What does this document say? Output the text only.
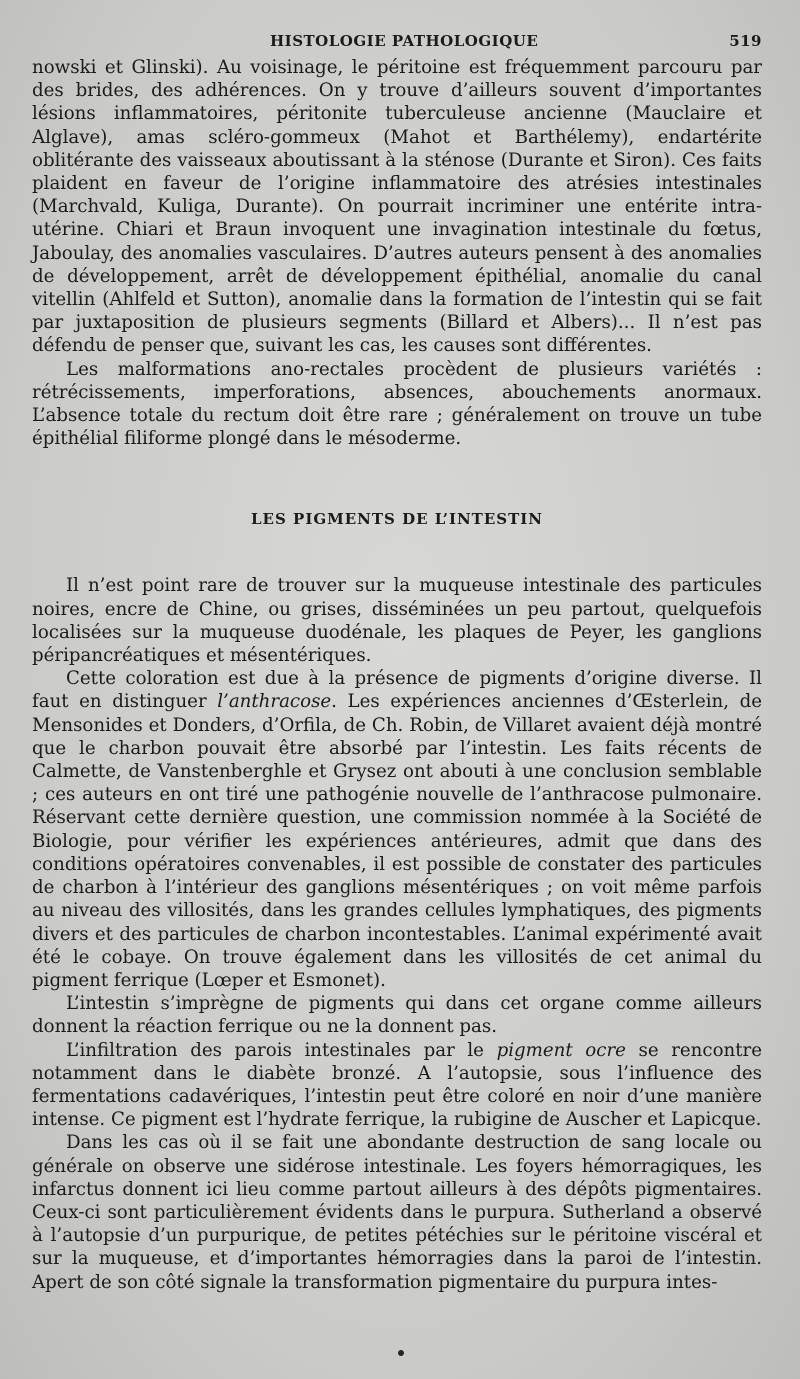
HISTOLOGIE PATHOLOGIQUE	519

nowski et Glinski). Au voisinage, le péritoine est fréquemment parcouru par des brides, des adhérences. On y trouve d’ailleurs souvent d’importantes lésions inflammatoires, péritonite tuberculeuse ancienne (Mauclaire et Alglave), amas scléro-gommeux (Mahot et Barthélemy), endartérite oblitérante des vaisseaux aboutissant à la sténose (Durante et Siron). Ces faits plaident en faveur de l’origine inflammatoire des atrésies intestinales (Marchvald, Kuliga, Durante). On pourrait incriminer une entérite intra-utérine. Chiari et Braun invoquent une invagination intestinale du fœtus, Jaboulay, des anomalies vasculaires. D’autres auteurs pensent à des anomalies de développement, arrêt de développement épithélial, anomalie du canal vitellin (Ahlfeld et Sutton), anomalie dans la formation de l’intestin qui se fait par juxtaposition de plusieurs segments (Billard et Albers)... Il n’est pas défendu de penser que, suivant les cas, les causes sont différentes.

Les malformations ano-rectales procèdent de plusieurs variétés : rétrécissements, imperforations, absences, abouchements anormaux. L’absence totale du rectum doit être rare ; généralement on trouve un tube épithélial filiforme plongé dans le mésoderme.

LES PIGMENTS DE L’INTESTIN

Il n’est point rare de trouver sur la muqueuse intestinale des particules noires, encre de Chine, ou grises, disséminées un peu partout, quelquefois localisées sur la muqueuse duodénale, les plaques de Peyer, les ganglions péripancréatiques et mésentériques.

Cette coloration est due à la présence de pigments d’origine diverse. Il faut en distinguer l’anthracose. Les expériences anciennes d’Œsterlein, de Mensonides et Donders, d’Orfila, de Ch. Robin, de Villaret avaient déjà montré que le charbon pouvait être absorbé par l’intestin. Les faits récents de Calmette, de Vanstenberghle et Grysez ont abouti à une conclusion semblable ; ces auteurs en ont tiré une pathogénie nouvelle de l’anthracose pulmonaire. Réservant cette dernière question, une commission nommée à la Société de Biologie, pour vérifier les expériences antérieures, admit que dans des conditions opératoires convenables, il est possible de constater des particules de charbon à l’intérieur des ganglions mésentériques ; on voit même parfois au niveau des villosités, dans les grandes cellules lymphatiques, des pigments divers et des particules de charbon incontestables. L’animal expérimenté avait été le cobaye. On trouve également dans les villosités de cet animal du pigment ferrique (Lœper et Esmonet).

L’intestin s’imprègne de pigments qui dans cet organe comme ailleurs donnent la réaction ferrique ou ne la donnent pas.

L’infiltration des parois intestinales par le pigment ocre se rencontre notamment dans le diabète bronzé. A l’autopsie, sous l’influence des fermentations cadavériques, l’intestin peut être coloré en noir d’une manière intense. Ce pigment est l’hydrate ferrique, la rubigine de Auscher et Lapicque.

Dans les cas où il se fait une abondante destruction de sang locale ou générale on observe une sidérose intestinale. Les foyers hémorragiques, les infarctus donnent ici lieu comme partout ailleurs à des dépôts pigmentaires. Ceux-ci sont particulièrement évidents dans le purpura. Sutherland a observé à l’autopsie d’un purpurique, de petites pétéchies sur le péritoine viscéral et sur la muqueuse, et d’importantes hémorragies dans la paroi de l’intestin. Apert de son côté signale la transformation pigmentaire du purpura intes-
